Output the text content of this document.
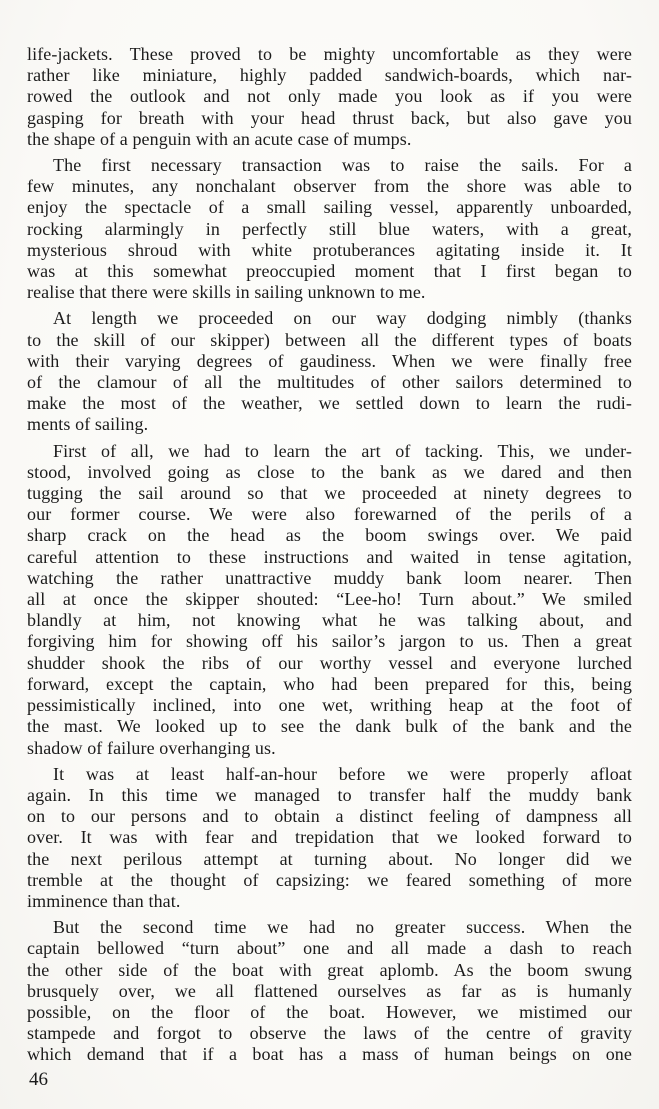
life-jackets. These proved to be mighty uncomfortable as they were
rather like miniature, highly padded sandwich-boards, which nar-
rowed the outlook and not only made you look as if you were
gasping for breath with your head thrust back, but also gave you
the shape of a penguin with an acute case of mumps.

The first necessary transaction was to raise the sails. For a
few minutes, any nonchalant observer from the shore was able to
enjoy the spectacle of a small sailing vessel, apparently unboarded,
rocking alarmingly in perfectly still blue waters, with a great,
mysterious shroud with white protuberances agitating inside it. It
was at this somewhat preoccupied moment that I first began to
realise that there were skills in sailing unknown to me.

At length we proceeded on our way dodging nimbly (thanks
to the skill of our skipper) between all the different types of boats
with their varying degrees of gaudiness. When we were finally free
of the clamour of all the multitudes of other sailors determined to
make the most of the weather, we settled down to learn the rudi-
ments of sailing.

First of all, we had to learn the art of tacking. This, we under-
stood, involved going as close to the bank as we dared and then
tugging the sail around so that we proceeded at ninety degrees to
our former course. We were also forewarned of the perils of a
sharp crack on the head as the boom swings over. We paid
careful attention to these instructions and waited in tense agitation,
watching the rather unattractive muddy bank loom nearer. Then
all at once the skipper shouted: “Lee-ho! Turn about.” We smiled
blandly at him, not knowing what he was talking about, and
forgiving him for showing off his sailor’s jargon to us. Then a great
shudder shook the ribs of our worthy vessel and everyone lurched
forward, except the captain, who had been prepared for this, being
pessimistically inclined, into one wet, writhing heap at the foot of
the mast. We looked up to see the dank bulk of the bank and the
shadow of failure overhanging us.

It was at least half-an-hour before we were properly afloat
again. In this time we managed to transfer half the muddy bank
on to our persons and to obtain a distinct feeling of dampness all
over. It was with fear and trepidation that we looked forward to
the next perilous attempt at turning about. No longer did we
tremble at the thought of capsizing: we feared something of more
imminence than that.

But the second time we had no greater success. When the
captain bellowed “turn about” one and all made a dash to reach
the other side of the boat with great aplomb. As the boom swung
brusquely over, we all flattened ourselves as far as is humanly
possible, on the floor of the boat. However, we mistimed our
stampede and forgot to observe the laws of the centre of gravity
which demand that if a boat has a mass of human beings on one

46
